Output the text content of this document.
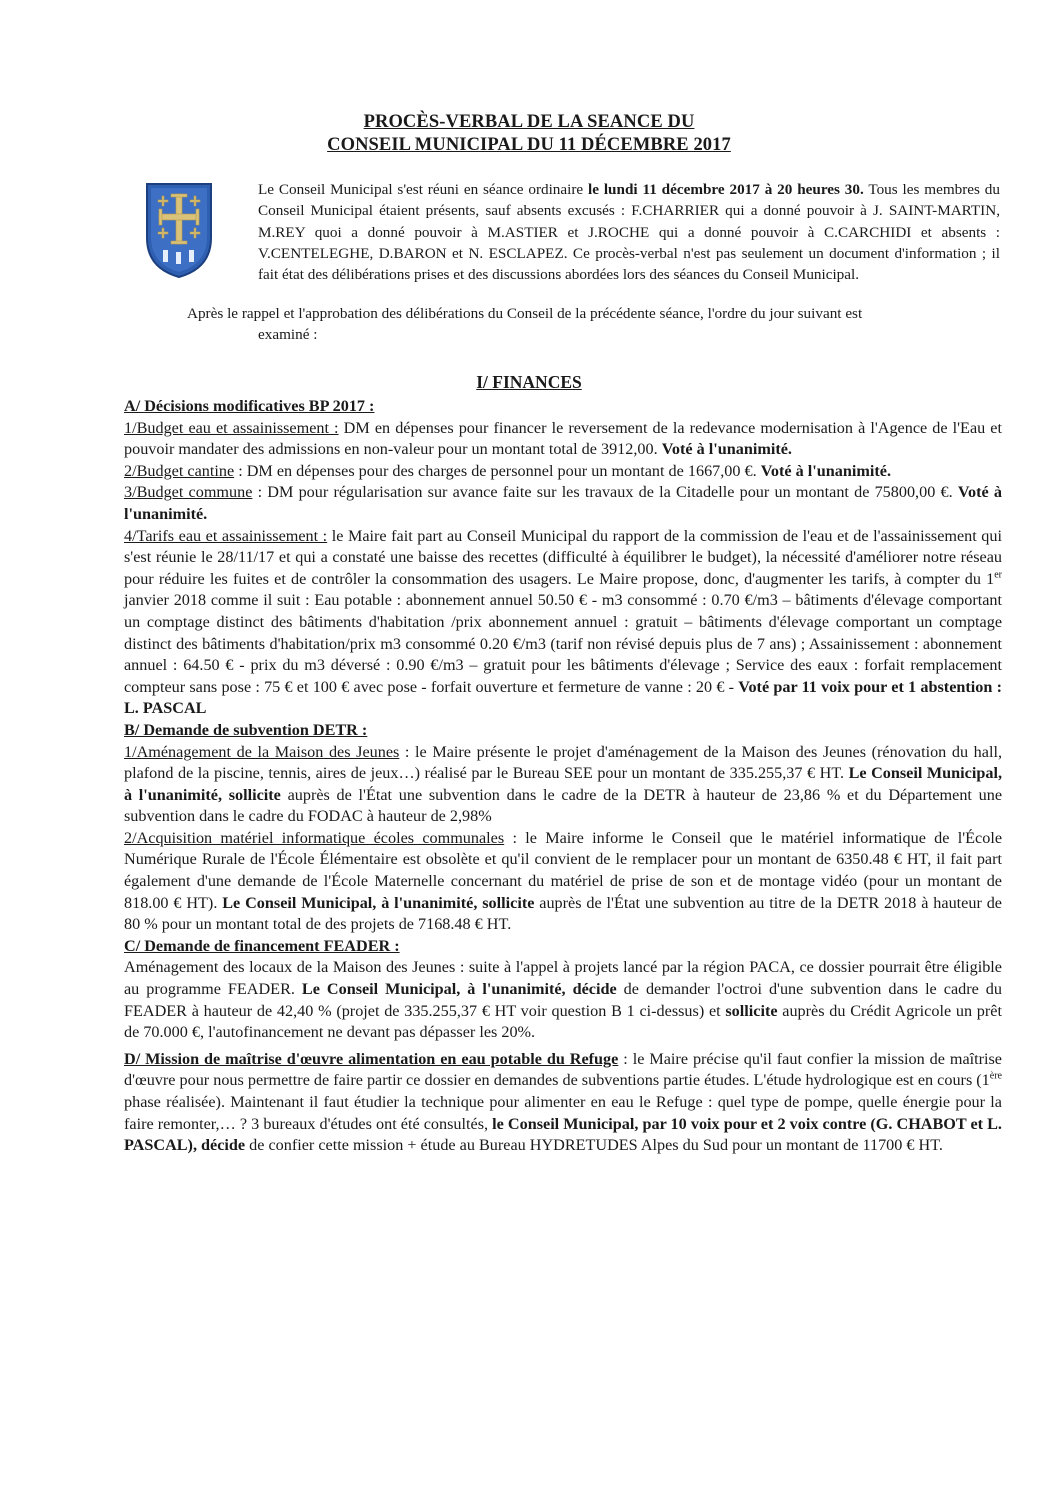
PROCÈS-VERBAL DE LA SEANCE DU
CONSEIL MUNICIPAL DU 11 DÉCEMBRE 2017
Le Conseil Municipal s'est réuni en séance ordinaire le lundi 11 décembre 2017 à 20 heures 30. Tous les membres du Conseil Municipal étaient présents, sauf absents excusés : F.CHARRIER qui a donné pouvoir à J. SAINT-MARTIN, M.REY quoi a donné pouvoir à M.ASTIER et J.ROCHE qui a donné pouvoir à C.CARCHIDI et absents : V.CENTELEGHE, D.BARON et N. ESCLAPEZ. Ce procès-verbal n'est pas seulement un document d'information ; il fait état des délibérations prises et des discussions abordées lors des séances du Conseil Municipal.
Après le rappel et l'approbation des délibérations du Conseil de la précédente séance, l'ordre du jour suivant est
examiné :
I/ FINANCES

A/ Décisions modificatives BP 2017 :

1/Budget eau et assainissement : DM en dépenses pour financer le reversement de la redevance modernisation à l'Agence de l'Eau et pouvoir mandater des admissions en non-valeur pour un montant total de 3912,00. Voté à l'unanimité.

2/Budget cantine : DM en dépenses pour des charges de personnel pour un montant de 1667,00 €. Voté à l'unanimité.

3/Budget commune : DM pour régularisation sur avance faite sur les travaux de la Citadelle pour un montant de 75800,00 €. Voté à l'unanimité.

4/Tarifs eau et assainissement : le Maire fait part au Conseil Municipal du rapport de la commission de l'eau et de l'assainissement qui s'est réunie le 28/11/17 et qui a constaté une baisse des recettes (difficulté à équilibrer le budget), la nécessité d'améliorer notre réseau pour réduire les fuites et de contrôler la consommation des usagers. Le Maire propose, donc, d'augmenter les tarifs, à compter du 1er janvier 2018 comme il suit : Eau potable : abonnement annuel 50.50 € - m3 consommé : 0.70 €/m3 – bâtiments d'élevage comportant un comptage distinct des bâtiments d'habitation /prix abonnement annuel : gratuit – bâtiments d'élevage comportant un comptage distinct des bâtiments d'habitation/prix m3 consommé 0.20 €/m3 (tarif non révisé depuis plus de 7 ans) ; Assainissement : abonnement annuel : 64.50 € - prix du m3 déversé : 0.90 €/m3 – gratuit pour les bâtiments d'élevage ; Service des eaux : forfait remplacement compteur sans pose : 75 € et 100 € avec pose - forfait ouverture et fermeture de vanne : 20 € - Voté par 11 voix pour et 1 abstention : L. PASCAL

B/ Demande de subvention DETR :

1/Aménagement de la Maison des Jeunes : le Maire présente le projet d'aménagement de la Maison des Jeunes (rénovation du hall, plafond de la piscine, tennis, aires de jeux…) réalisé par le Bureau SEE pour un montant de 335.255,37 € HT. Le Conseil Municipal, à l'unanimité, sollicite auprès de l'État une subvention dans le cadre de la DETR à hauteur de 23,86 % et du Département une subvention dans le cadre du FODAC à hauteur de 2,98%

2/Acquisition matériel informatique écoles communales : le Maire informe le Conseil que le matériel informatique de l'École Numérique Rurale de l'École Élémentaire est obsolète et qu'il convient de le remplacer pour un montant de 6350.48 € HT, il fait part également d'une demande de l'École Maternelle concernant du matériel de prise de son et de montage vidéo (pour un montant de 818.00 € HT). Le Conseil Municipal, à l'unanimité, sollicite auprès de l'État une subvention au titre de la DETR 2018 à hauteur de 80 % pour un montant total de des projets de 7168.48 € HT.

C/ Demande de financement FEADER :

Aménagement des locaux de la Maison des Jeunes : suite à l'appel à projets lancé par la région PACA, ce dossier pourrait être éligible au programme FEADER. Le Conseil Municipal, à l'unanimité, décide de demander l'octroi d'une subvention dans le cadre du FEADER à hauteur de 42,40 % (projet de 335.255,37 € HT voir question B 1 ci-dessus) et sollicite auprès du Crédit Agricole un prêt de 70.000 €, l'autofinancement ne devant pas dépasser les 20%.

D/ Mission de maîtrise d'œuvre alimentation en eau potable du Refuge : le Maire précise qu'il faut confier la mission de maîtrise d'œuvre pour nous permettre de faire partir ce dossier en demandes de subventions partie études. L'étude hydrologique est en cours (1ère phase réalisée). Maintenant il faut étudier la technique pour alimenter en eau le Refuge : quel type de pompe, quelle énergie pour la faire remonter,… ? 3 bureaux d'études ont été consultés, le Conseil Municipal, par 10 voix pour et 2 voix contre (G. CHABOT et L. PASCAL), décide de confier cette mission + étude au Bureau HYDRETUDES Alpes du Sud pour un montant de 11700 € HT.
